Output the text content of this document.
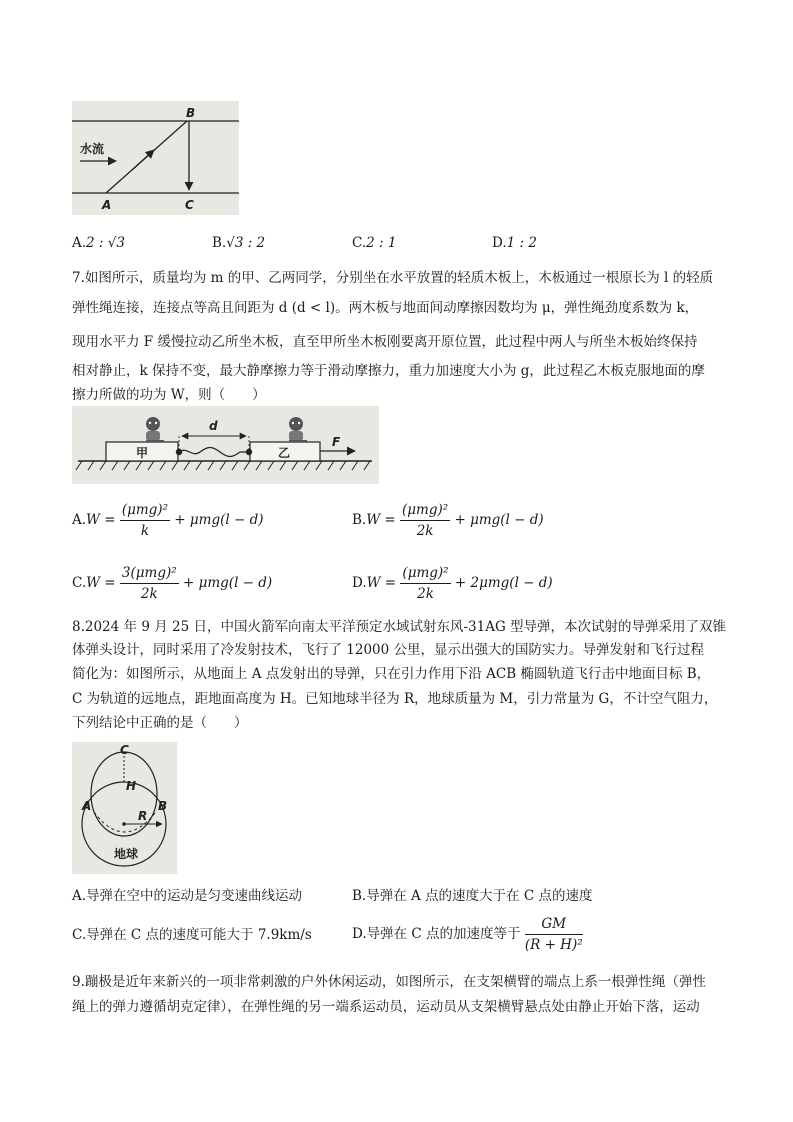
水流
A
B
C
A.2 : √3	B.√3 : 2	C.2 : 1	D.1 : 2
7.如图所示，质量均为 m 的甲、乙两同学，分别坐在水平放置的轻质木板上，木板通过一根原长为 l 的轻质
弹性绳连接，连接点等高且间距为 d (d < l)。两木板与地面间动摩擦因数均为 μ，弹性绳劲度系数为 k，
现用水平力 F 缓慢拉动乙所坐木板，直至甲所坐木板刚要离开原位置，此过程中两人与所坐木板始终保持
相对静止，k 保持不变，最大静摩擦力等于滑动摩擦力，重力加速度大小为 g，此过程乙木板克服地面的摩
擦力所做的功为 W，则（　　）
甲	乙
d
F
$A.W = \frac{\text{(μmg)²}}{k} + \mu mg(l - d)$	$B.W = \frac{\text{(μmg)²}}{2k} + \mu mg(l - d)$
$C.W = \frac{\text{3(μmg)²}}{2k} + \mu mg(l - d)$	$D.W = \frac{\text{(μmg)²}}{2k} + 2\mu mg(l - d)$
8.2024 年 9 月 25 日，中国火箭军向南太平洋预定水域试射东风-31AG 型导弹，本次试射的导弹采用了双锥
体弹头设计，同时采用了冷发射技术，飞行了 12000 公里，显示出强大的国防实力。导弹发射和飞行过程
简化为：如图所示，从地面上 A 点发射出的导弹，只在引力作用下沿 ACB 椭圆轨道飞行击中地面目标 B，
C 为轨道的远地点，距地面高度为 H。已知地球半径为 R，地球质量为 M，引力常量为 G，不计空气阻力，
下列结论中正确的是（　　）
C
H
A	B
R
地球
A.导弹在空中的运动是匀变速曲线运动	B.导弹在 A 点的速度大于在 C 点的速度
C.导弹在 C 点的速度可能大于 7.9km/s	D.导弹在 C 点的加速度等于 $\frac{GM}{\text{(R + H)²}}$
9.蹦极是近年来新兴的一项非常刺激的户外休闲运动，如图所示，在支架横臂的端点上系一根弹性绳（弹性
绳上的弹力遵循胡克定律），在弹性绳的另一端系运动员，运动员从支架横臂悬点处由静止开始下落，运动
